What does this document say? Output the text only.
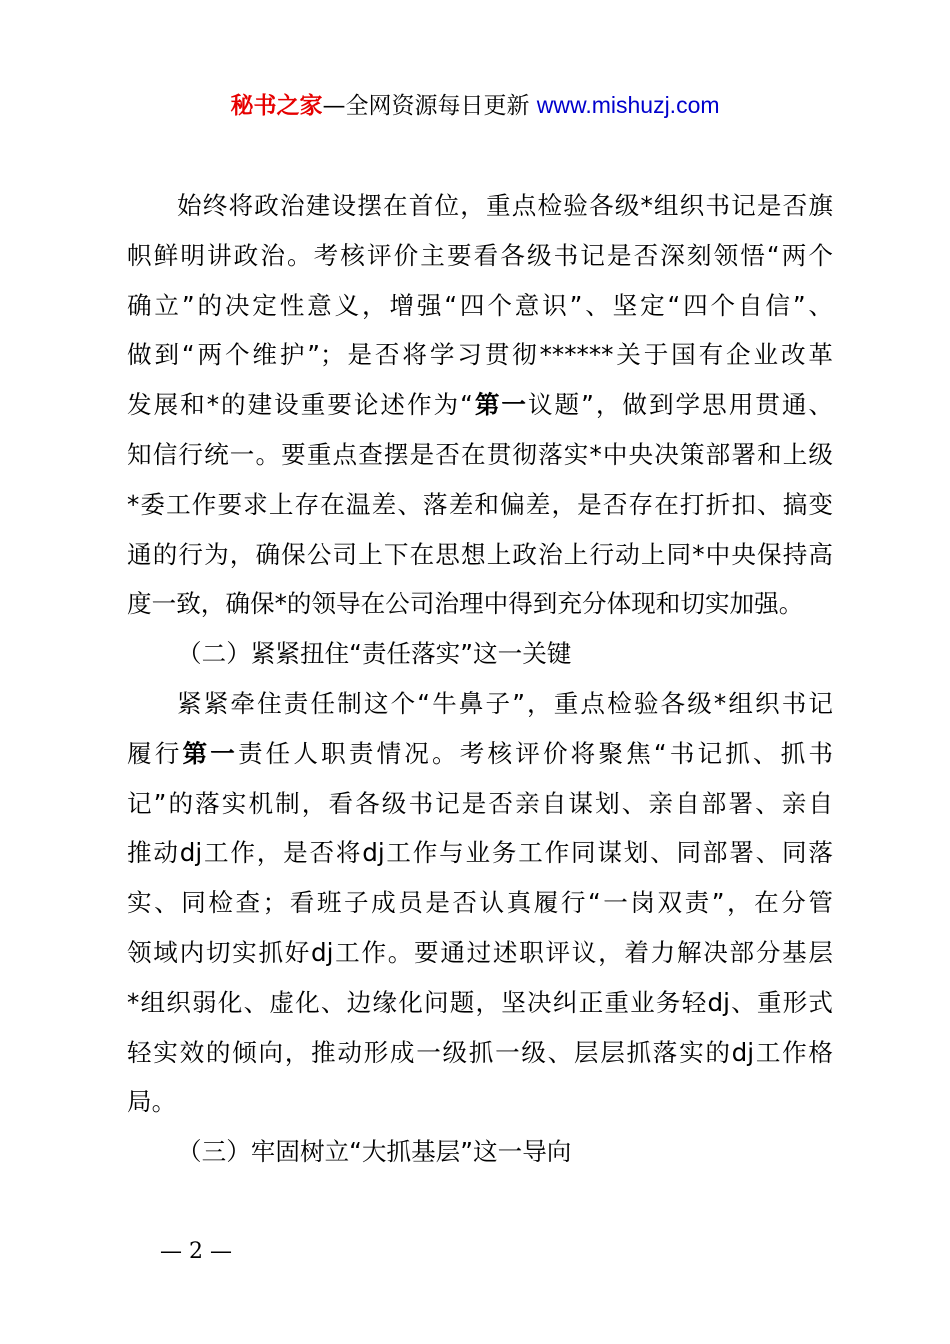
秘书之家—全网资源每日更新 www.mishuzj.com
始终将政治建设摆在首位，重点检验各级*组织书记是否旗
帜鲜明讲政治。考核评价主要看各级书记是否深刻领悟“两个
确立”的决定性意义，增强“四个意识”、坚定“四个自信”、
做到“两个维护”；是否将学习贯彻******关于国有企业改革
发展和*的建设重要论述作为“第一议题”，做到学思用贯通、
知信行统一。要重点查摆是否在贯彻落实*中央决策部署和上级
*委工作要求上存在温差、落差和偏差，是否存在打折扣、搞变
通的行为，确保公司上下在思想上政治上行动上同*中央保持高
度一致，确保*的领导在公司治理中得到充分体现和切实加强。
（二）紧紧扭住“责任落实”这一关键
紧紧牵住责任制这个“牛鼻子”，重点检验各级*组织书记
履行第一责任人职责情况。考核评价将聚焦“书记抓、抓书
记”的落实机制，看各级书记是否亲自谋划、亲自部署、亲自
推动dj工作，是否将dj工作与业务工作同谋划、同部署、同落
实、同检查；看班子成员是否认真履行“一岗双责”，在分管
领域内切实抓好dj工作。要通过述职评议，着力解决部分基层
*组织弱化、虚化、边缘化问题，坚决纠正重业务轻dj、重形式
轻实效的倾向，推动形成一级抓一级、层层抓落实的dj工作格
局。
（三）牢固树立“大抓基层”这一导向
— 2 —
